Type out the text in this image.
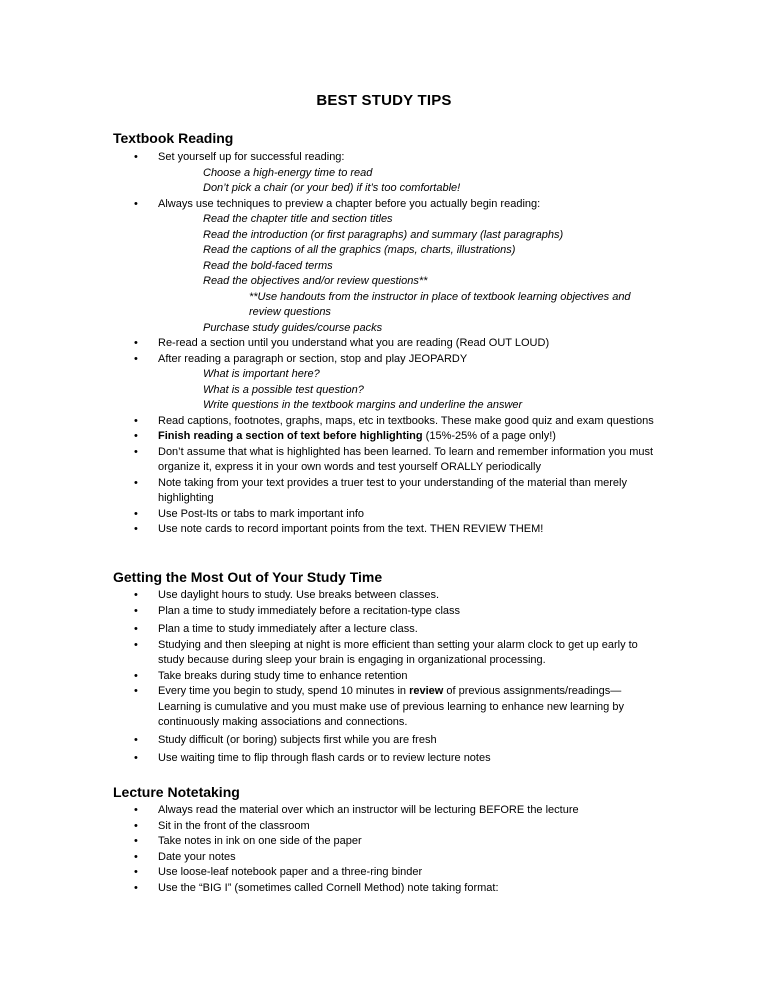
BEST STUDY TIPS
Textbook Reading
• Set yourself up for successful reading:
Choose a high-energy time to read
Don’t pick a chair (or your bed) if it’s too comfortable!
• Always use techniques to preview a chapter before you actually begin reading:
Read the chapter title and section titles
Read the introduction (or first paragraphs) and summary (last paragraphs)
Read the captions of all the graphics (maps, charts, illustrations)
Read the bold-faced terms
Read the objectives and/or review questions**
**Use handouts from the instructor in place of textbook learning objectives and review questions
Purchase study guides/course packs
• Re-read a section until you understand what you are reading (Read OUT LOUD)
• After reading a paragraph or section, stop and play JEOPARDY
What is important here?
What is a possible test question?
Write questions in the textbook margins and underline the answer
• Read captions, footnotes, graphs, maps, etc in textbooks. These make good quiz and exam questions
• Finish reading a section of text before highlighting (15%-25% of a page only!)
• Don’t assume that what is highlighted has been learned. To learn and remember information you must organize it, express it in your own words and test yourself ORALLY periodically
• Note taking from your text provides a truer test to your understanding of the material than merely highlighting
• Use Post-Its or tabs to mark important info
• Use note cards to record important points from the text. THEN REVIEW THEM!
Getting the Most Out of Your Study Time
• Use daylight hours to study. Use breaks between classes.
• Plan a time to study immediately before a recitation-type class
• Plan a time to study immediately after a lecture class.
• Studying and then sleeping at night is more efficient than setting your alarm clock to get up early to study because during sleep your brain is engaging in organizational processing.
• Take breaks during study time to enhance retention
• Every time you begin to study, spend 10 minutes in review of previous assignments/readings—Learning is cumulative and you must make use of previous learning to enhance new learning by continuously making associations and connections.
• Study difficult (or boring) subjects first while you are fresh
• Use waiting time to flip through flash cards or to review lecture notes
Lecture Notetaking
• Always read the material over which an instructor will be lecturing BEFORE the lecture
• Sit in the front of the classroom
• Take notes in ink on one side of the paper
• Date your notes
• Use loose-leaf notebook paper and a three-ring binder
• Use the “BIG I” (sometimes called Cornell Method) note taking format:
